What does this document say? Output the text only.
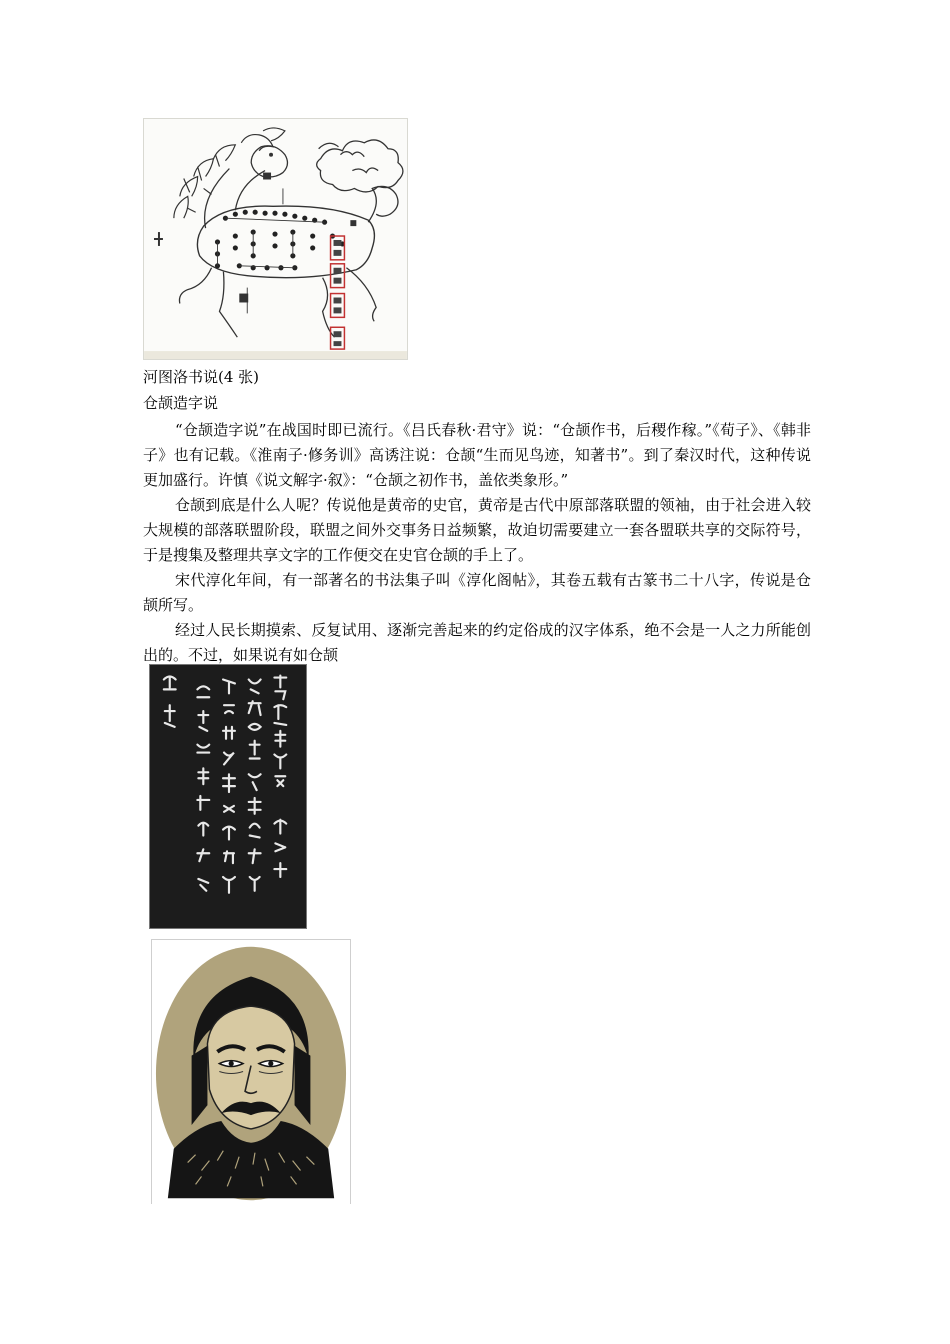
河图洛书说(4 张)
仓颉造字说

“仓颉造字说”在战国时即已流行。《吕氏春秋·君守》说：“仓颉作书，后稷作稼。”《荀子》、《韩非子》也有记载。《淮南子·修务训》高诱注说：仓颉“生而见鸟迹，知著书”。到了秦汉时代，这种传说更加盛行。许慎《说文解字·叙》：“仓颉之初作书，盖依类象形。”

仓颉到底是什么人呢？传说他是黄帝的史官，黄帝是古代中原部落联盟的领袖，由于社会进入较大规模的部落联盟阶段，联盟之间外交事务日益频繁，故迫切需要建立一套各盟联共享的交际符号，于是搜集及整理共享文字的工作便交在史官仓颉的手上了。

宋代淳化年间，有一部著名的书法集子叫《淳化阁帖》，其卷五载有古篆书二十八字，传说是仓颉所写。

经过人民长期摸索、反复试用、逐渐完善起来的约定俗成的汉字体系，绝不会是一人之力所能创出的。不过，如果说有如仓颉
